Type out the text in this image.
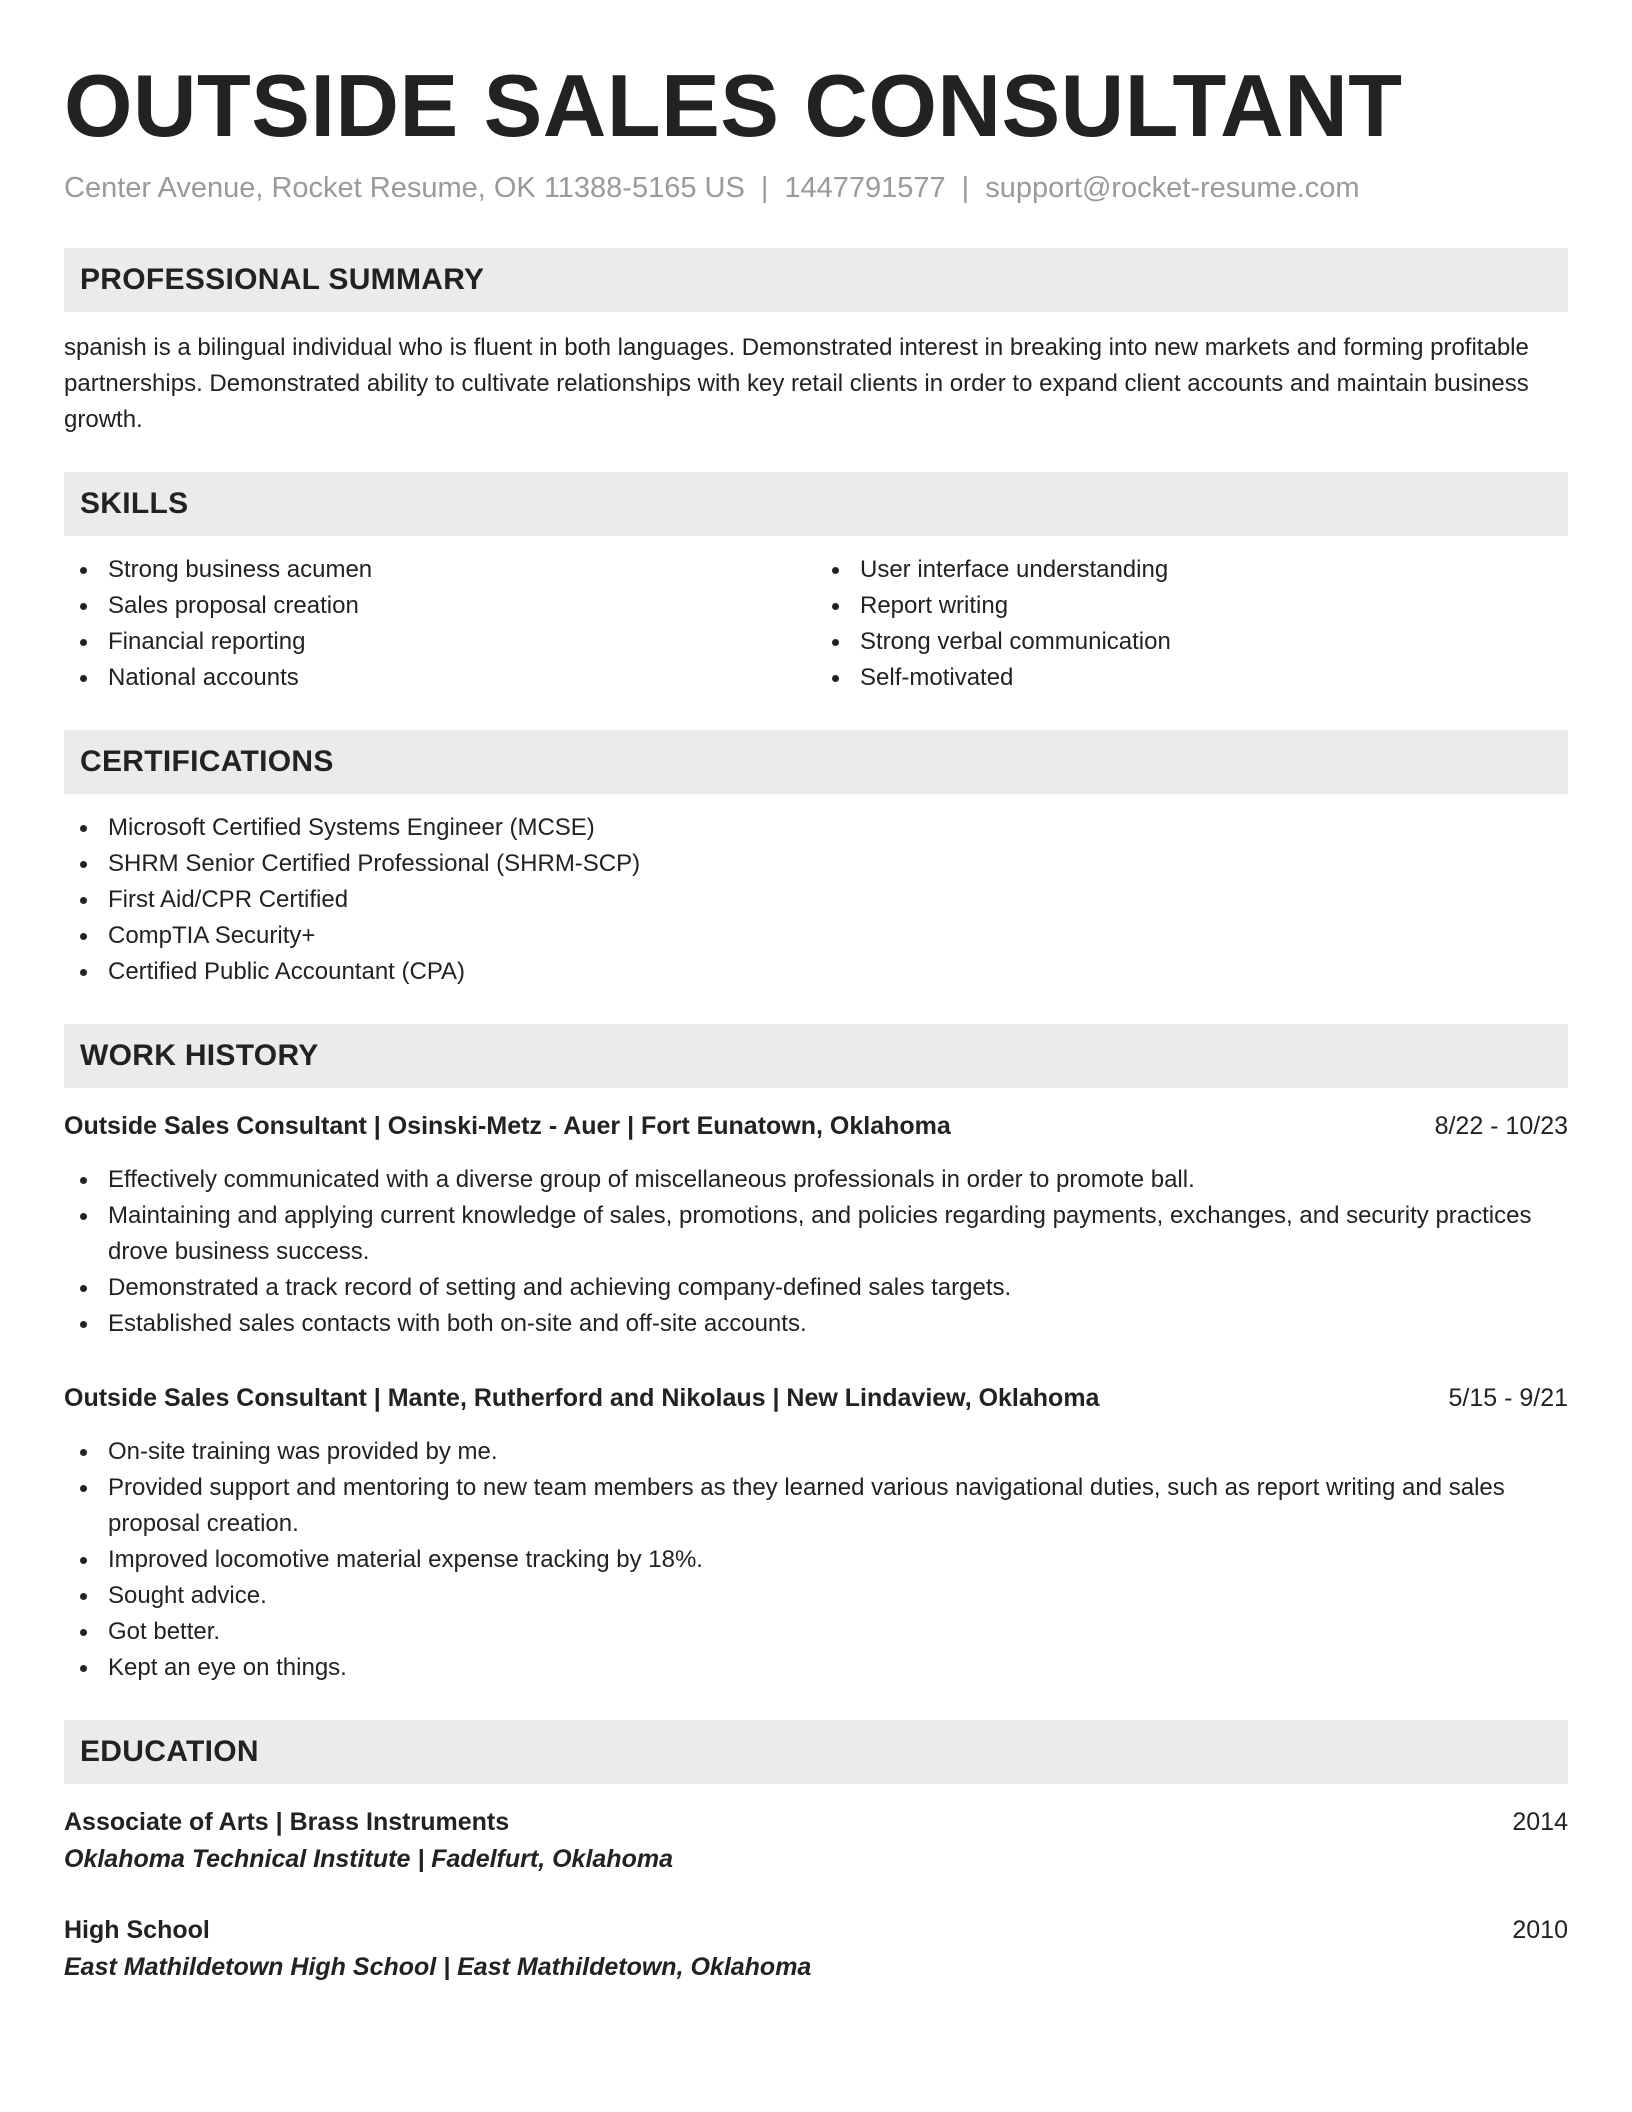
OUTSIDE SALES CONSULTANT
Center Avenue, Rocket Resume, OK 11388-5165 US | 1447791577 | support@rocket-resume.com
PROFESSIONAL SUMMARY

spanish is a bilingual individual who is fluent in both languages. Demonstrated interest in breaking into new markets and forming profitable partnerships. Demonstrated ability to cultivate relationships with key retail clients in order to expand client accounts and maintain business growth.

SKILLS
Strong business acumen
Sales proposal creation
Financial reporting
National accounts
User interface understanding
Report writing
Strong verbal communication
Self-motivated
CERTIFICATIONS
Microsoft Certified Systems Engineer (MCSE)
SHRM Senior Certified Professional (SHRM-SCP)
First Aid/CPR Certified
CompTIA Security+
Certified Public Accountant (CPA)
WORK HISTORY
Outside Sales Consultant | Osinski-Metz - Auer | Fort Eunatown, Oklahoma	8/22 - 10/23
Effectively communicated with a diverse group of miscellaneous professionals in order to promote ball.
Maintaining and applying current knowledge of sales, promotions, and policies regarding payments, exchanges, and security practices drove business success.
Demonstrated a track record of setting and achieving company-defined sales targets.
Established sales contacts with both on-site and off-site accounts.
Outside Sales Consultant | Mante, Rutherford and Nikolaus | New Lindaview, Oklahoma	5/15 - 9/21
On-site training was provided by me.
Provided support and mentoring to new team members as they learned various navigational duties, such as report writing and sales proposal creation.
Improved locomotive material expense tracking by 18%.
Sought advice.
Got better.
Kept an eye on things.
EDUCATION
Associate of Arts | Brass Instruments	2014
Oklahoma Technical Institute | Fadelfurt, Oklahoma
High School	2010
East Mathildetown High School | East Mathildetown, Oklahoma
